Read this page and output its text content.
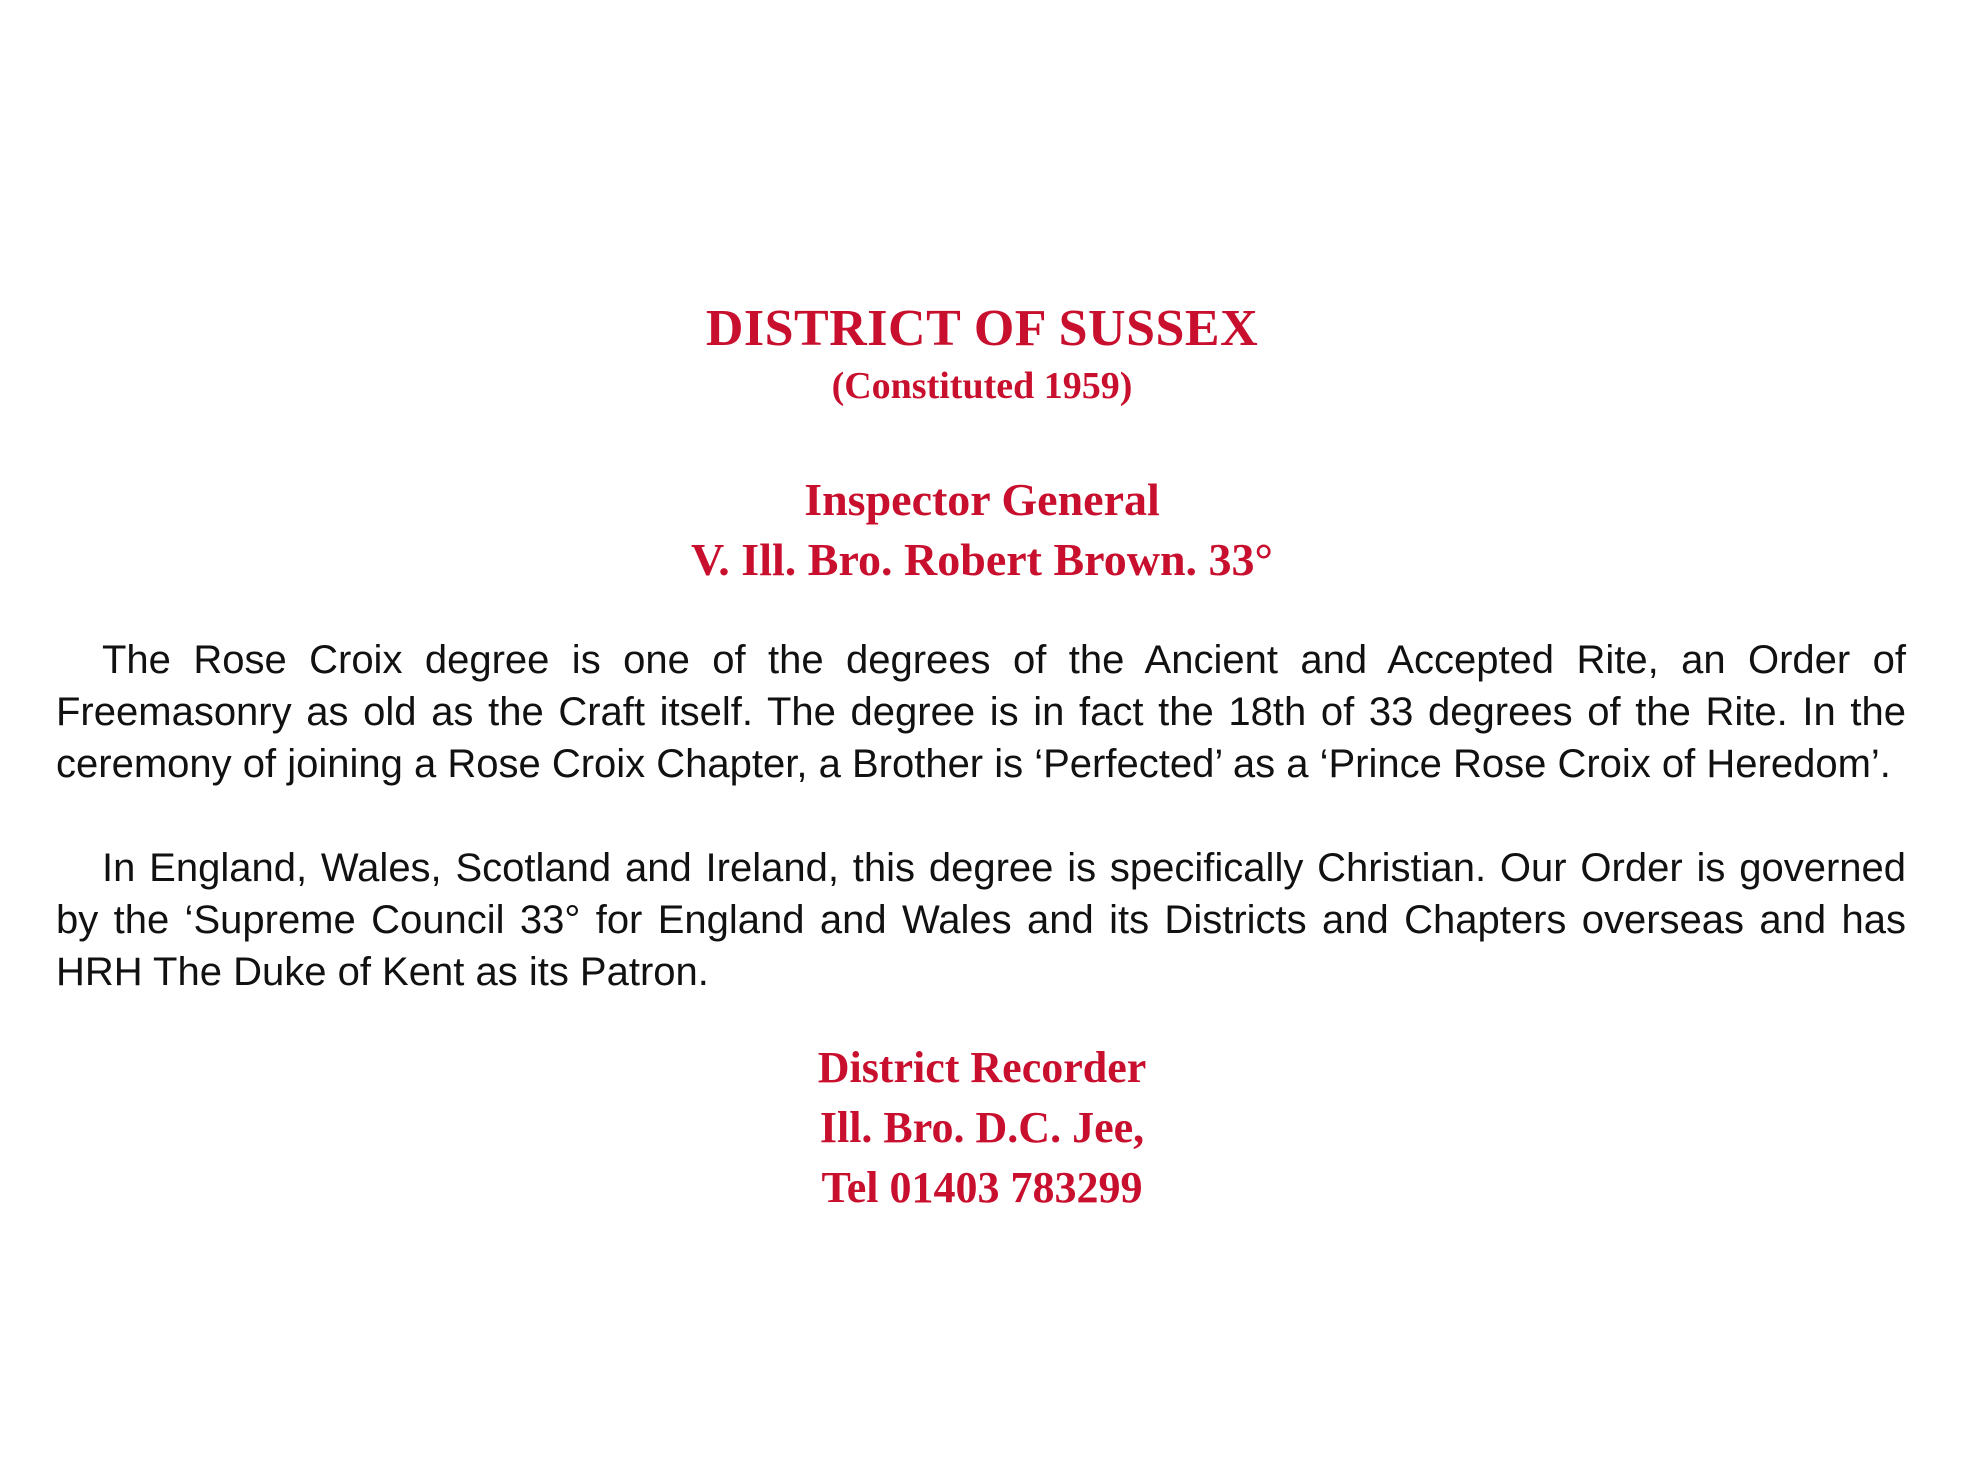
DISTRICT OF SUSSEX
(Constituted 1959)
Inspector General
V. Ill. Bro. Robert Brown. 33°

The Rose Croix degree is one of the degrees of the Ancient and Accepted Rite, an Order of Freemasonry as old as the Craft itself. The degree is in fact the 18th of 33 degrees of the Rite. In the ceremony of joining a Rose Croix Chapter, a Brother is ‘Perfected’ as a ‘Prince Rose Croix of Heredom’.

In England, Wales, Scotland and Ireland, this degree is specifically Christian. Our Order is governed by the ‘Supreme Council 33° for England and Wales and its Districts and Chapters overseas and has HRH The Duke of Kent as its Patron.

District Recorder
Ill. Bro. D.C. Jee,
Tel 01403 783299
